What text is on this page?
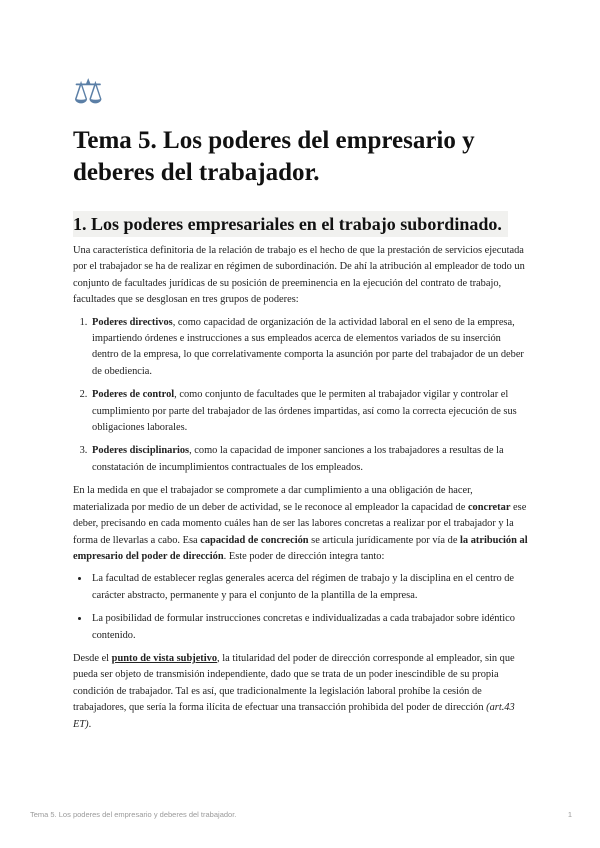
⚖
Tema 5. Los poderes del empresario y deberes del trabajador.
1. Los poderes empresariales en el trabajo subordinado.

Una característica definitoria de la relación de trabajo es el hecho de que la prestación de servicios ejecutada por el trabajador se ha de realizar en régimen de subordinación. De ahí la atribución al empleador de todo un conjunto de facultades jurídicas de su posición de preeminencia en la ejecución del contrato de trabajo, facultades que se desglosan en tres grupos de poderes:

1. Poderes directivos, como capacidad de organización de la actividad laboral en el seno de la empresa, impartiendo órdenes e instrucciones a sus empleados acerca de elementos variados de su inserción dentro de la empresa, lo que correlativamente comporta la asunción por parte del trabajador de un deber de obediencia.
2. Poderes de control, como conjunto de facultades que le permiten al trabajador vigilar y controlar el cumplimiento por parte del trabajador de las órdenes impartidas, así como la correcta ejecución de sus obligaciones laborales.
3. Poderes disciplinarios, como la capacidad de imponer sanciones a los trabajadores a resultas de la constatación de incumplimientos contractuales de los empleados.

En la medida en que el trabajador se compromete a dar cumplimiento a una obligación de hacer, materializada por medio de un deber de actividad, se le reconoce al empleador la capacidad de concretar ese deber, precisando en cada momento cuáles han de ser las labores concretas a realizar por el trabajador y la forma de llevarlas a cabo. Esa capacidad de concreción se articula jurídicamente por vía de la atribución al empresario del poder de dirección. Este poder de dirección integra tanto:

• La facultad de establecer reglas generales acerca del régimen de trabajo y la disciplina en el centro de carácter abstracto, permanente y para el conjunto de la plantilla de la empresa.
• La posibilidad de formular instrucciones concretas e individualizadas a cada trabajador sobre idéntico contenido.

Desde el punto de vista subjetivo, la titularidad del poder de dirección corresponde al empleador, sin que pueda ser objeto de transmisión independiente, dado que se trata de un poder inescindible de su propia condición de trabajador. Tal es así, que tradicionalmente la legislación laboral prohíbe la cesión de trabajadores, que sería la forma ilícita de efectuar una transacción prohibida del poder de dirección (art.43 ET).

Tema 5. Los poderes del empresario y deberes del trabajador.	1
